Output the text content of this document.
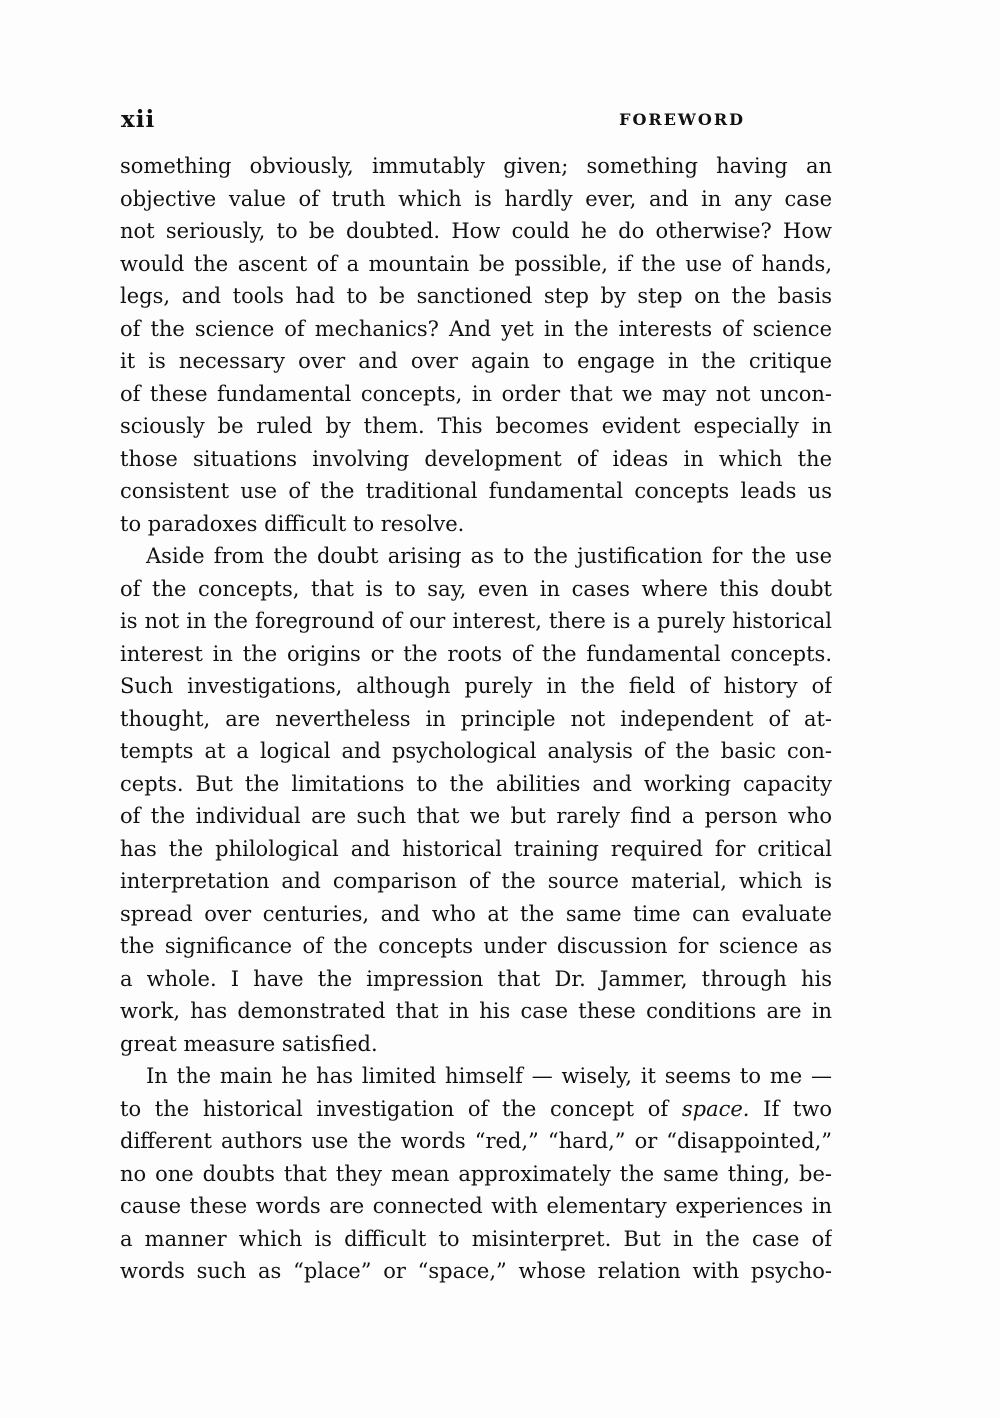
xii	FOREWORD
something obviously, immutably given; something having an
objective value of truth which is hardly ever, and in any case
not seriously, to be doubted. How could he do otherwise? How
would the ascent of a mountain be possible, if the use of hands,
legs, and tools had to be sanctioned step by step on the basis
of the science of mechanics? And yet in the interests of science
it is necessary over and over again to engage in the critique
of these fundamental concepts, in order that we may not uncon-
sciously be ruled by them. This becomes evident especially in
those situations involving development of ideas in which the
consistent use of the traditional fundamental concepts leads us
to paradoxes difficult to resolve.
Aside from the doubt arising as to the justification for the use
of the concepts, that is to say, even in cases where this doubt
is not in the foreground of our interest, there is a purely historical
interest in the origins or the roots of the fundamental concepts.
Such investigations, although purely in the field of history of
thought, are nevertheless in principle not independent of at-
tempts at a logical and psychological analysis of the basic con-
cepts. But the limitations to the abilities and working capacity
of the individual are such that we but rarely find a person who
has the philological and historical training required for critical
interpretation and comparison of the source material, which is
spread over centuries, and who at the same time can evaluate
the significance of the concepts under discussion for science as
a whole. I have the impression that Dr. Jammer, through his
work, has demonstrated that in his case these conditions are in
great measure satisfied.
In the main he has limited himself — wisely, it seems to me —
to the historical investigation of the concept of space. If two
different authors use the words “red,” “hard,” or “disappointed,”
no one doubts that they mean approximately the same thing, be-
cause these words are connected with elementary experiences in
a manner which is difficult to misinterpret. But in the case of
words such as “place” or “space,” whose relation with psycho-
